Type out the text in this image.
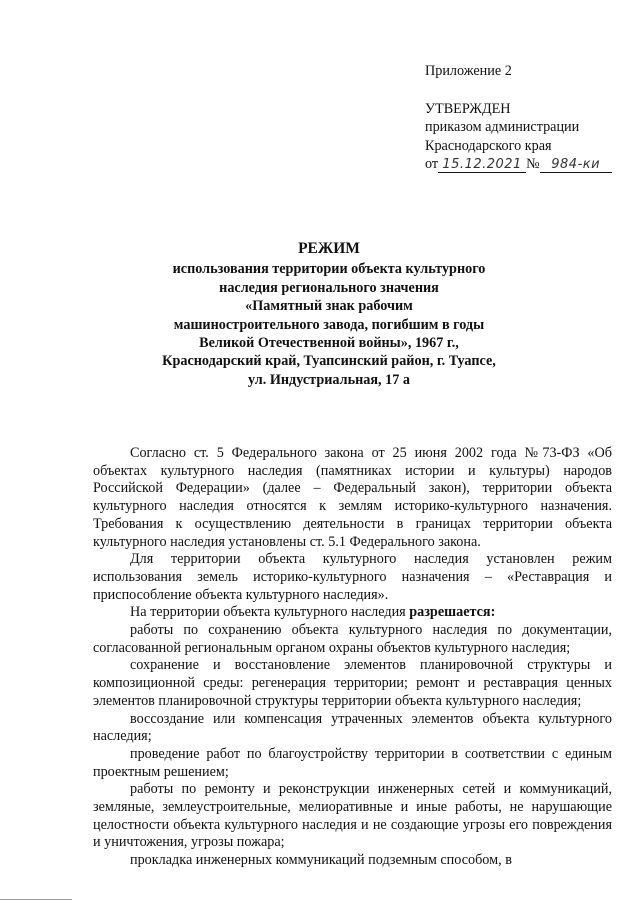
Приложение 2
УТВЕРЖДЕН
приказом администрации
Краснодарского края
от 15.12.2021 № 984-ки
РЕЖИМ
использования территории объекта культурного
наследия регионального значения
«Памятный знак рабочим
машиностроительного завода, погибшим в годы
Великой Отечественной войны», 1967 г.,
Краснодарский край, Туапсинский район, г. Туапсе,
ул. Индустриальная, 17 а

Согласно ст. 5 Федерального закона от 25 июня 2002 года №73-ФЗ «Об объектах культурного наследия (памятниках истории и культуры) народов Российской Федерации» (далее – Федеральный закон), территории объекта культурного наследия относятся к землям историко-культурного назначения. Требования к осуществлению деятельности в границах территории объекта культурного наследия установлены ст. 5.1 Федерального закона.

Для территории объекта культурного наследия установлен режим использования земель историко-культурного назначения – «Реставрация и приспособление объекта культурного наследия».

На территории объекта культурного наследия разрешается:

работы по сохранению объекта культурного наследия по документации, согласованной региональным органом охраны объектов культурного наследия;

сохранение и восстановление элементов планировочной структуры и композиционной среды: регенерация территории; ремонт и реставрация ценных элементов планировочной структуры территории объекта культурного наследия;

воссоздание или компенсация утраченных элементов объекта культурного наследия;

проведение работ по благоустройству территории в соответствии с единым проектным решением;

работы по ремонту и реконструкции инженерных сетей и коммуникаций, земляные, землеустроительные, мелиоративные и иные работы, не нарушающие целостности объекта культурного наследия и не создающие угрозы его повреждения и уничтожения, угрозы пожара;

прокладка инженерных коммуникаций подземным способом, в
